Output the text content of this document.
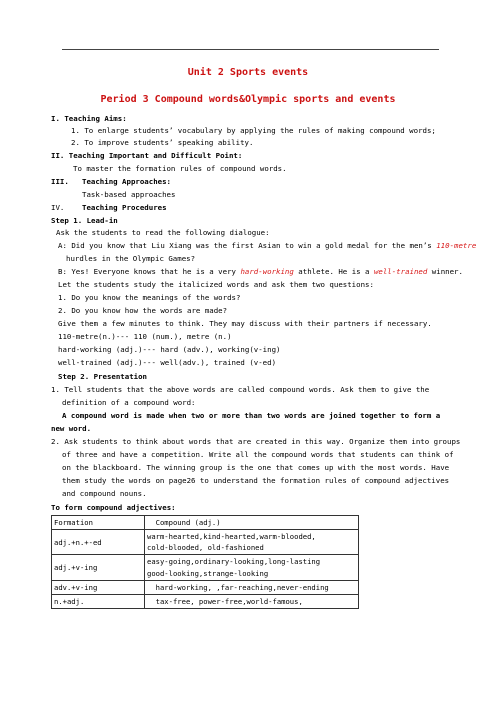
Unit 2 Sports events
Period 3 Compound words&Olympic sports and events
I. Teaching Aims:
1. To enlarge students’ vocabulary by applying the rules of making compound words;
2. To improve students’ speaking ability.
II. Teaching Important and Difficult Point:
To master the formation rules of compound words.
III. Teaching Approaches:
Task-based approaches
IV. Teaching Procedures
Step 1. Lead-in
Ask the students to read the following dialogue:
A: Did you know that Liu Xiang was the first Asian to win a gold medal for the men’s 110-metre
hurdles in the Olympic Games?
B: Yes! Everyone knows that he is a very hard-working athlete. He is a well-trained winner.
Let the students study the italicized words and ask them two questions:
1. Do you know the meanings of the words?
2. Do you know how the words are made?
Give them a few minutes to think. They may discuss with their partners if necessary.
110-metre(n.)--- 110 (num.), metre (n.)
hard-working (adj.)--- hard (adv.), working(v-ing)
well-trained (adj.)--- well(adv.), trained (v-ed)
Step 2. Presentation
1. Tell students that the above words are called compound words. Ask them to give the
definition of a compound word:
A compound word is made when two or more than two words are joined together to form a
new word.
2. Ask students to think about words that are created in this way. Organize them into groups
of three and have a competition. Write all the compound words that students can think of
on the blackboard. The winning group is the one that comes up with the most words. Have
them study the words on page26 to understand the formation rules of compound adjectives
and compound nouns.
To form compound adjectives:
Formation	Compound (adj.)
adj.+n.+-ed	warm-hearted,kind-hearted,warm-blooded,
cold-blooded, old-fashioned

adj.+v-ing	easy-going,ordinary-looking,long-lasting
good-looking,strange-looking

adv.+v-ing	hard-working, ,far-reaching,never-ending
n.+adj.	tax-free, power-free,world-famous,
